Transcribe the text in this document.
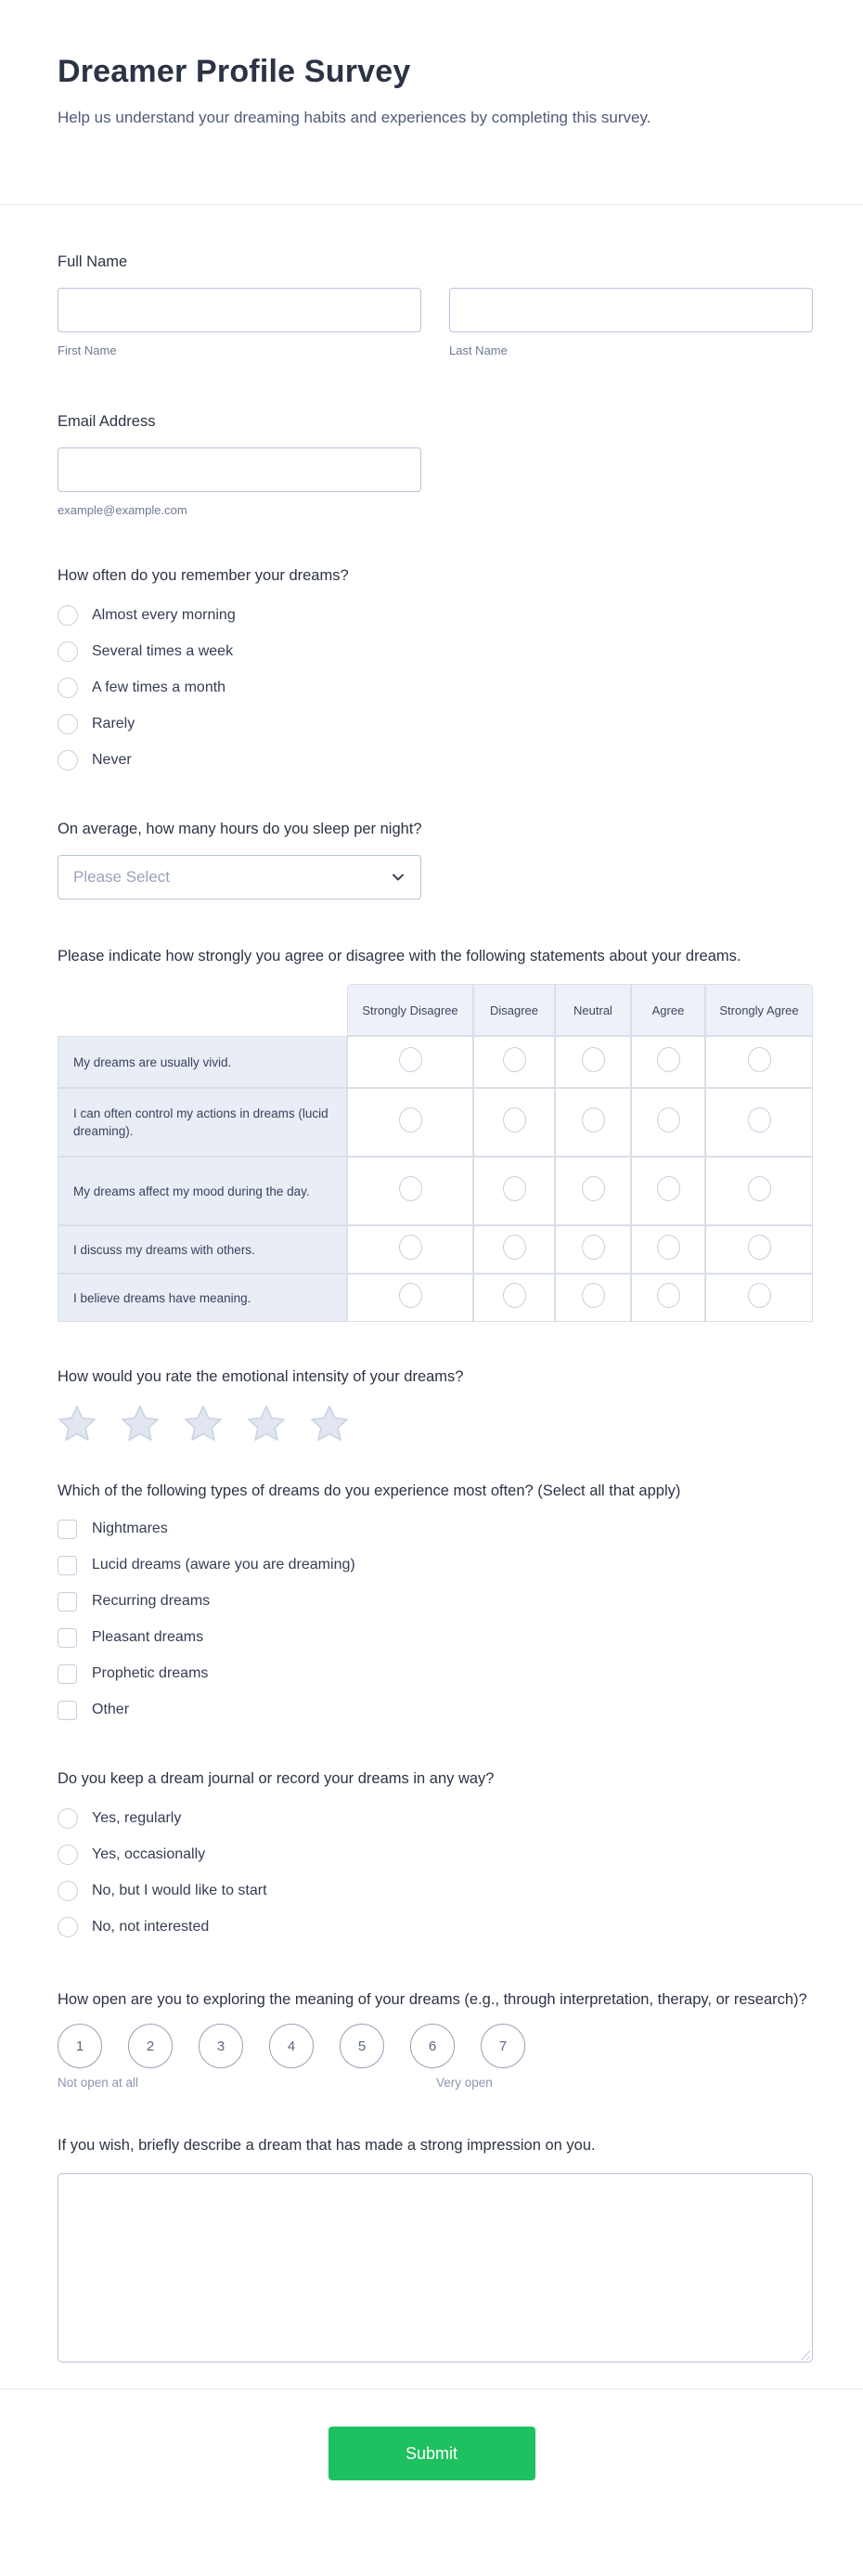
Dreamer Profile Survey

Help us understand your dreaming habits and experiences by completing this survey.

Full Name
First Name	Last Name
Email Address
example@example.com
How often do you remember your dreams?
Almost every morning
Several times a week
A few times a month
Rarely
Never
On average, how many hours do you sleep per night?
Please Select
Please indicate how strongly you agree or disagree with the following statements about your dreams.
	Strongly Disagree	Disagree	Neutral	Agree	Strongly Agree
My dreams are usually vivid.					
I can often control my actions in dreams (lucid dreaming).					
My dreams affect my mood during the day.					
I discuss my dreams with others.					
I believe dreams have meaning.					
How would you rate the emotional intensity of your dreams?
Which of the following types of dreams do you experience most often? (Select all that apply)
Nightmares
Lucid dreams (aware you are dreaming)
Recurring dreams
Pleasant dreams
Prophetic dreams
Other
Do you keep a dream journal or record your dreams in any way?
Yes, regularly
Yes, occasionally
No, but I would like to start
No, not interested
How open are you to exploring the meaning of your dreams (e.g., through interpretation, therapy, or research)?
1	2	3	4	5	6	7
Not open at all	Very open
If you wish, briefly describe a dream that has made a strong impression on you.
Submit
